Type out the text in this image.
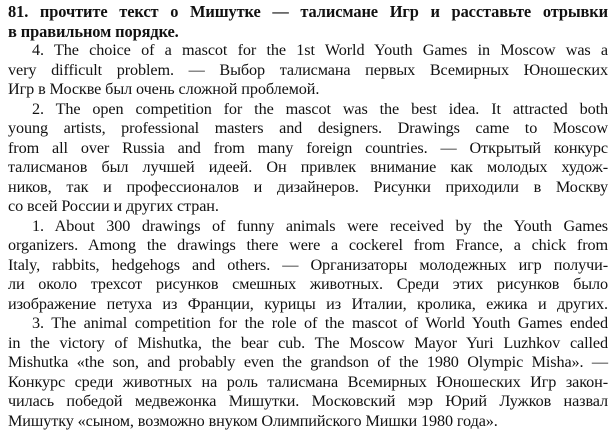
81. прочтите текст о Мишутке — талисмане Игр и расставьте отрывки
в правильном порядке.
4. The choice of a mascot for the 1st World Youth Games in Moscow was a
very difficult problem. — Выбор талисмана первых Всемирных Юношеских
Игр в Москве был очень сложной проблемой.
2. The open competition for the mascot was the best idea. It attracted both
young artists, professional masters and designers. Drawings came to Moscow
from all over Russia and from many foreign countries. — Открытый конкурс
талисманов был лучшей идеей. Он привлек внимание как молодых худож-
ников, так и профессионалов и дизайнеров. Рисунки приходили в Москву
со всей России и других стран.
1. About 300 drawings of funny animals were received by the Youth Games
organizers. Among the drawings there were a cockerel from France, a chick from
Italy, rabbits, hedgehogs and others. — Организаторы молодежных игр получи-
ли около трехсот рисунков смешных животных. Среди этих рисунков было
изображение петуха из Франции, курицы из Италии, кролика, ежика и других.
3. The animal competition for the role of the mascot of World Youth Games ended
in the victory of Mishutka, the bear cub. The Moscow Mayor Yuri Luzhkov called
Mishutka «the son, and probably even the grandson of the 1980 Olympic Misha». —
Конкурс среди животных на роль талисмана Всемирных Юношеских Игр закон-
чилась победой медвежонка Мишутки. Московский мэр Юрий Лужков назвал
Мишутку «сыном, возможно внуком Олимпийского Мишки 1980 года».
